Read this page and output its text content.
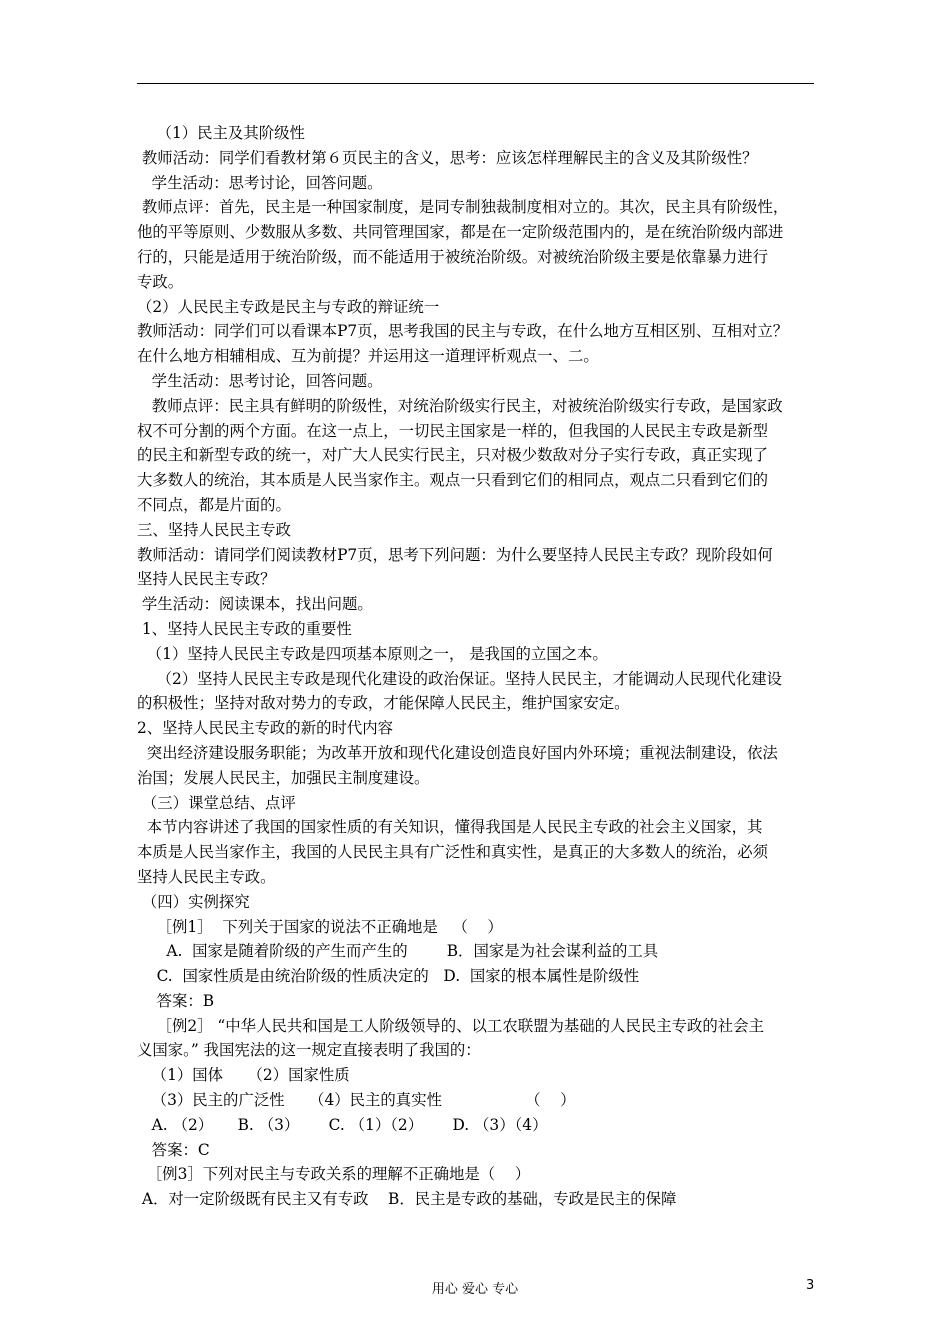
（1）民主及其阶级性
教师活动：同学们看教材第６页民主的含义，思考：应该怎样理解民主的含义及其阶级性？
学生活动：思考讨论，回答问题。
教师点评：首先，民主是一种国家制度，是同专制独裁制度相对立的。其次，民主具有阶级性，
他的平等原则、少数服从多数、共同管理国家，都是在一定阶级范围内的，是在统治阶级内部进
行的，只能是适用于统治阶级，而不能适用于被统治阶级。对被统治阶级主要是依靠暴力进行
专政。
（2）人民民主专政是民主与专政的辩证统一
教师活动：同学们可以看课本P7页，思考我国的民主与专政，在什么地方互相区别、互相对立？
在什么地方相辅相成、互为前提？并运用这一道理评析观点一、二。
学生活动：思考讨论，回答问题。
教师点评：民主具有鲜明的阶级性，对统治阶级实行民主，对被统治阶级实行专政，是国家政
权不可分割的两个方面。在这一点上，一切民主国家是一样的，但我国的人民民主专政是新型
的民主和新型专政的统一，对广大人民实行民主，只对极少数敌对分子实行专政，真正实现了
大多数人的统治，其本质是人民当家作主。观点一只看到它们的相同点，观点二只看到它们的
不同点，都是片面的。
三、坚持人民民主专政
教师活动：请同学们阅读教材P7页，思考下列问题：为什么要坚持人民民主专政？现阶段如何
坚持人民民主专政？
学生活动：阅读课本，找出问题。
1、坚持人民民主专政的重要性
（1）坚持人民民主专政是四项基本原则之一， 是我国的立国之本。
（2）坚持人民民主专政是现代化建设的政治保证。坚持人民民主，才能调动人民现代化建设
的积极性；坚持对敌对势力的专政，才能保障人民民主，维护国家安定。
2、坚持人民民主专政的新的时代内容
突出经济建设服务职能；为改革开放和现代化建设创造良好国内外环境；重视法制建设，依法
治国；发展人民民主，加强民主制度建设。
（三）课堂总结、点评
本节内容讲述了我国的国家性质的有关知识，懂得我国是人民民主专政的社会主义国家，其
本质是人民当家作主，我国的人民民主具有广泛性和真实性，是真正的大多数人的统治，必须
坚持人民民主专政。
（四）实例探究
［例1］  下列关于国家的说法不正确地是   （    ）
A.  国家是随着阶级的产生而产生的        B．国家是为社会谋利益的工具
C.  国家性质是由统治阶级的性质决定的   D.  国家的根本属性是阶级性
答案：B
［例2］ “中华人民共和国是工人阶级领导的、以工农联盟为基础的人民民主专政的社会主
义国家。” 我国宪法的这一规定直接表明了我国的：
（1）国体     （2）国家性质
（3）民主的广泛性     （4）民主的真实性                 （    ）
A. （2）     B. （3）      C. （1）（2）      D. （3）（4）
答案：C
［例3］下列对民主与专政关系的理解不正确地是（    ）
A．对一定阶级既有民主又有专政    B．民主是专政的基础，专政是民主的保障
用心 爱心 专心	3
